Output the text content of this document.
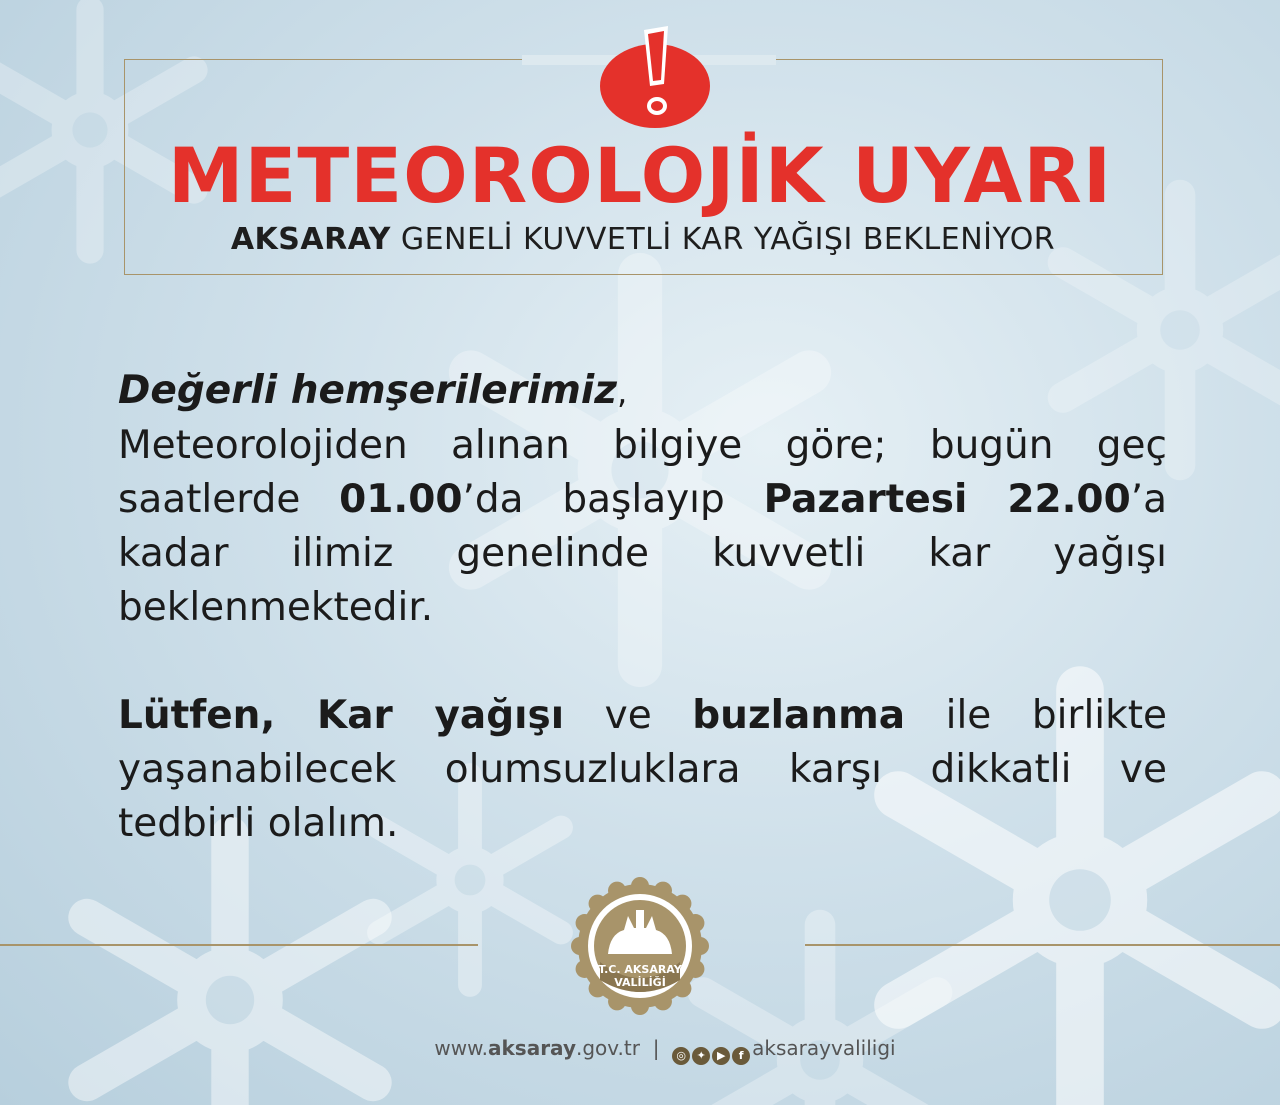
METEOROLOJİK UYARI
AKSARAY GENELİ KUVVETLİ KAR YAĞIŞI BEKLENİYOR

Değerli hemşerilerimiz,

Meteorolojiden alınan bilgiye göre; bugün geç saatlerde 01.00’da başlayıp Pazartesi 22.00’a kadar ilimiz genelinde kuvvetli kar yağışı beklenmektedir.

Lütfen, Kar yağışı ve buzlanma ile birlikte yaşanabilecek olumsuzluklara karşı dikkatli ve tedbirli olalım.

T.C. AKSARAY
VALİLİĞİ
www.aksaray.gov.tr | ◎ ✦ ▶ f aksarayvaliligi
